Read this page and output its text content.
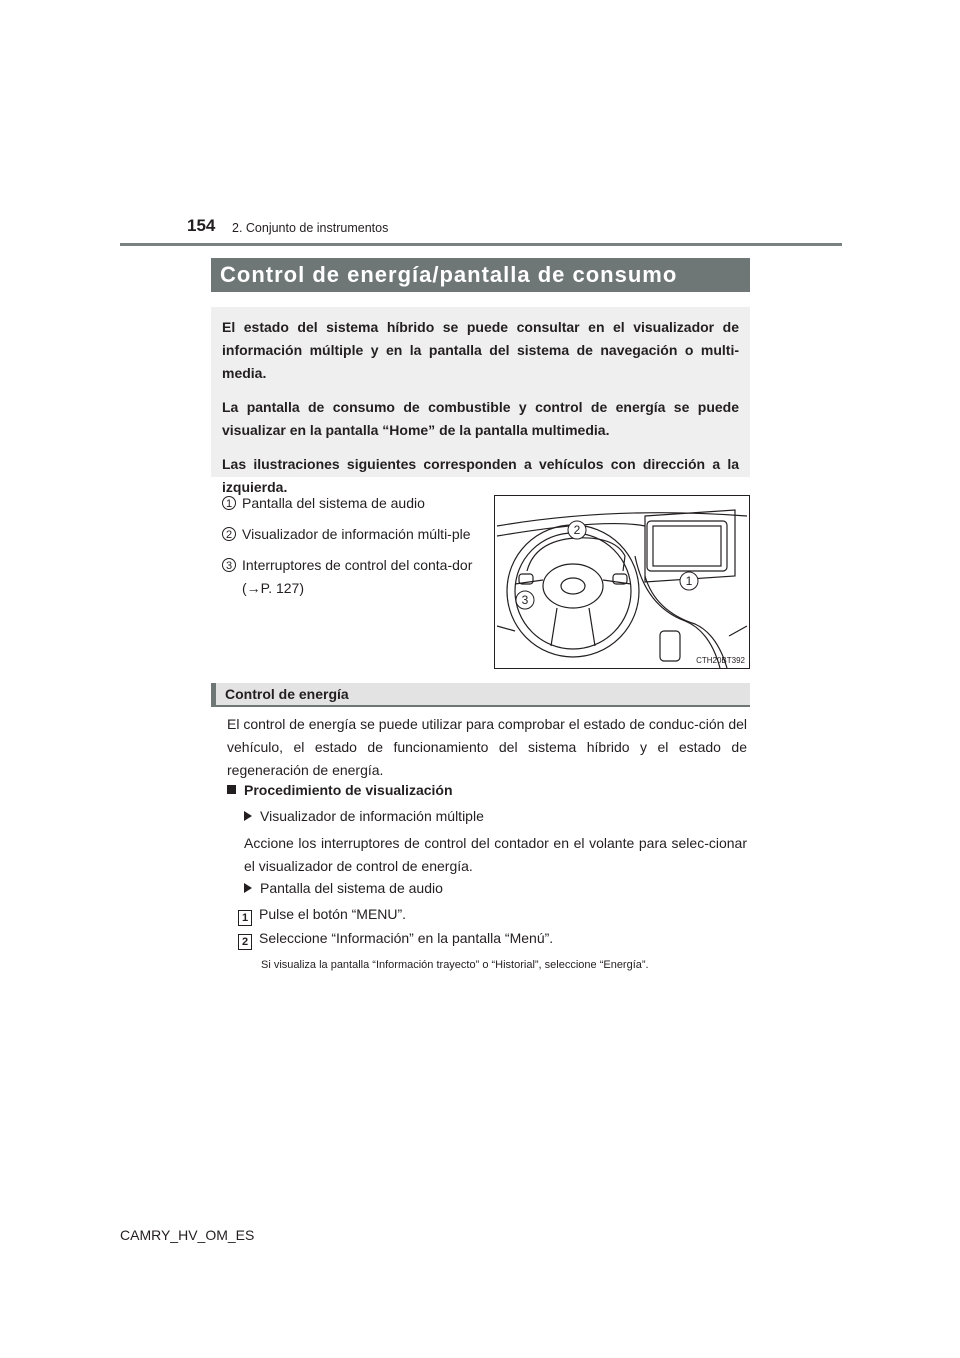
154 2. Conjunto de instrumentos
Control de energía/pantalla de consumo

El estado del sistema híbrido se puede consultar en el visualizador de información múltiple y en la pantalla del sistema de navegación o multi-media.

La pantalla de consumo de combustible y control de energía se puede visualizar en la pantalla “Home” de la pantalla multimedia.

Las ilustraciones siguientes corresponden a vehículos con dirección a la izquierda.

1 Pantalla del sistema de audio
2 Visualizador de información múlti-ple
3 Interruptores de control del conta-dor (→P. 127)
2
1
3
CTH20BT392
Control de energía
El control de energía se puede utilizar para comprobar el estado de conduc-ción del vehículo, el estado de funcionamiento del sistema híbrido y el estado de regeneración de energía.
Procedimiento de visualización
Visualizador de información múltiple
Accione los interruptores de control del contador en el volante para selec-cionar el visualizador de control de energía.
Pantalla del sistema de audio
1 Pulse el botón “MENU”.
2 Seleccione “Información” en la pantalla “Menú”.
Si visualiza la pantalla “Información trayecto” o “Historial”, seleccione “Energía”.
CAMRY_HV_OM_ES
